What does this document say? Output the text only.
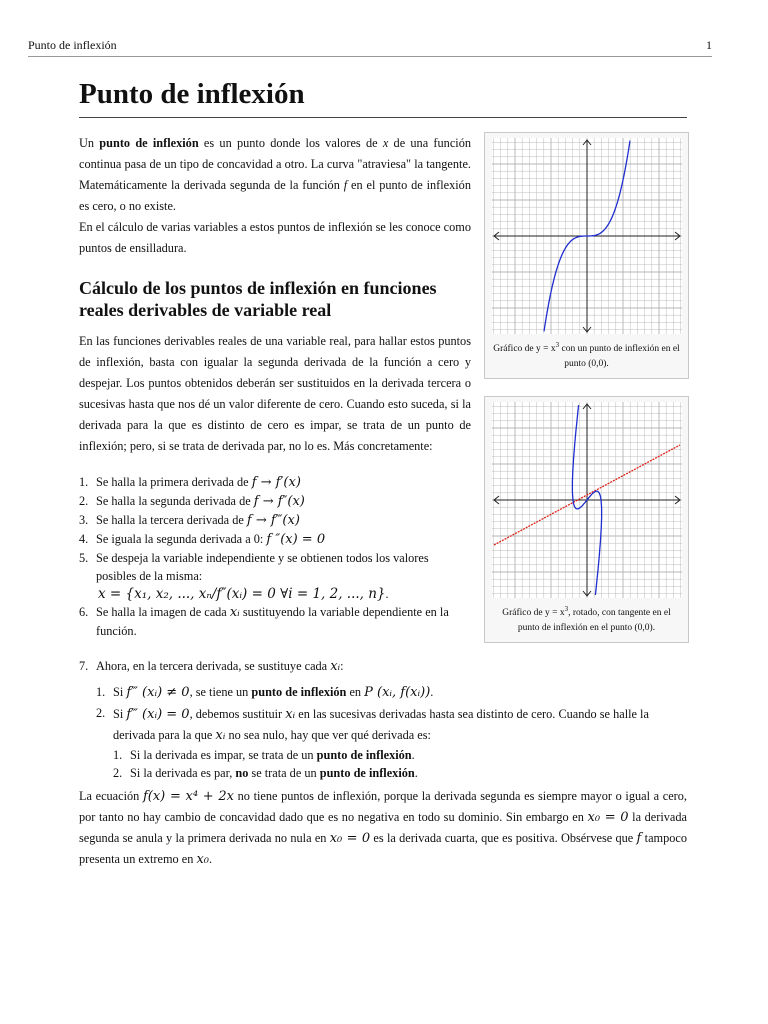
Punto de inflexión	1
Punto de inflexión

Un punto de inflexión es un punto donde los valores de x de una función continua pasa de un tipo de concavidad a otro. La curva "atraviesa" la tangente. Matemáticamente la derivada segunda de la función f en el punto de inflexión es cero, o no existe.

En el cálculo de varias variables a estos puntos de inflexión se les conoce como puntos de ensilladura.

Cálculo de los puntos de inflexión en funciones reales derivables de variable real

En las funciones derivables reales de una variable real, para hallar estos puntos de inflexión, basta con igualar la segunda derivada de la función a cero y despejar. Los puntos obtenidos deberán ser sustituidos en la derivada tercera o sucesivas hasta que nos dé un valor diferente de cero. Cuando esto suceda, si la derivada para la que es distinto de cero es impar, se trata de un punto de inflexión; pero, si se trata de derivada par, no lo es. Más concretamente:

Gráfico de $y = x^3$ con un punto de inflexión en el punto (0,0).
Gráfico de $y = x^3$, rotado, con tangente en el punto de inflexión en el punto (0,0).
1. Se halla la primera derivada de f → f′(x)
2. Se halla la segunda derivada de f → f″(x)
3. Se halla la tercera derivada de f → f‴(x)
4. Se iguala la segunda derivada a 0: f ″(x) = 0
5. Se despeja la variable independiente y se obtienen todos los valores posibles de la misma:
x = {x₁, x₂, ..., xₙ/f″(xᵢ) = 0 ∀i = 1, 2, ..., n}.
6. Se halla la imagen de cada xᵢ sustituyendo la variable dependiente en la función.
7. Ahora, en la tercera derivada, se sustituye cada xᵢ:
1. Si f‴ (xᵢ) ≠ 0, se tiene un punto de inflexión en P (xᵢ, f(xᵢ)).
2. Si f‴ (xᵢ) = 0, debemos sustituir xᵢ en las sucesivas derivadas hasta sea distinto de cero. Cuando se halle la derivada para la que xᵢ no sea nulo, hay que ver qué derivada es:
1. Si la derivada es impar, se trata de un punto de inflexión.
2. Si la derivada es par, no se trata de un punto de inflexión.

La ecuación f(x) = x⁴ + 2x no tiene puntos de inflexión, porque la derivada segunda es siempre mayor o igual a cero, por tanto no hay cambio de concavidad dado que es no negativa en todo su dominio. Sin embargo en x₀ = 0 la derivada segunda se anula y la primera derivada no nula en x₀ = 0 es la derivada cuarta, que es positiva. Obsérvese que f tampoco presenta un extremo en x₀.
